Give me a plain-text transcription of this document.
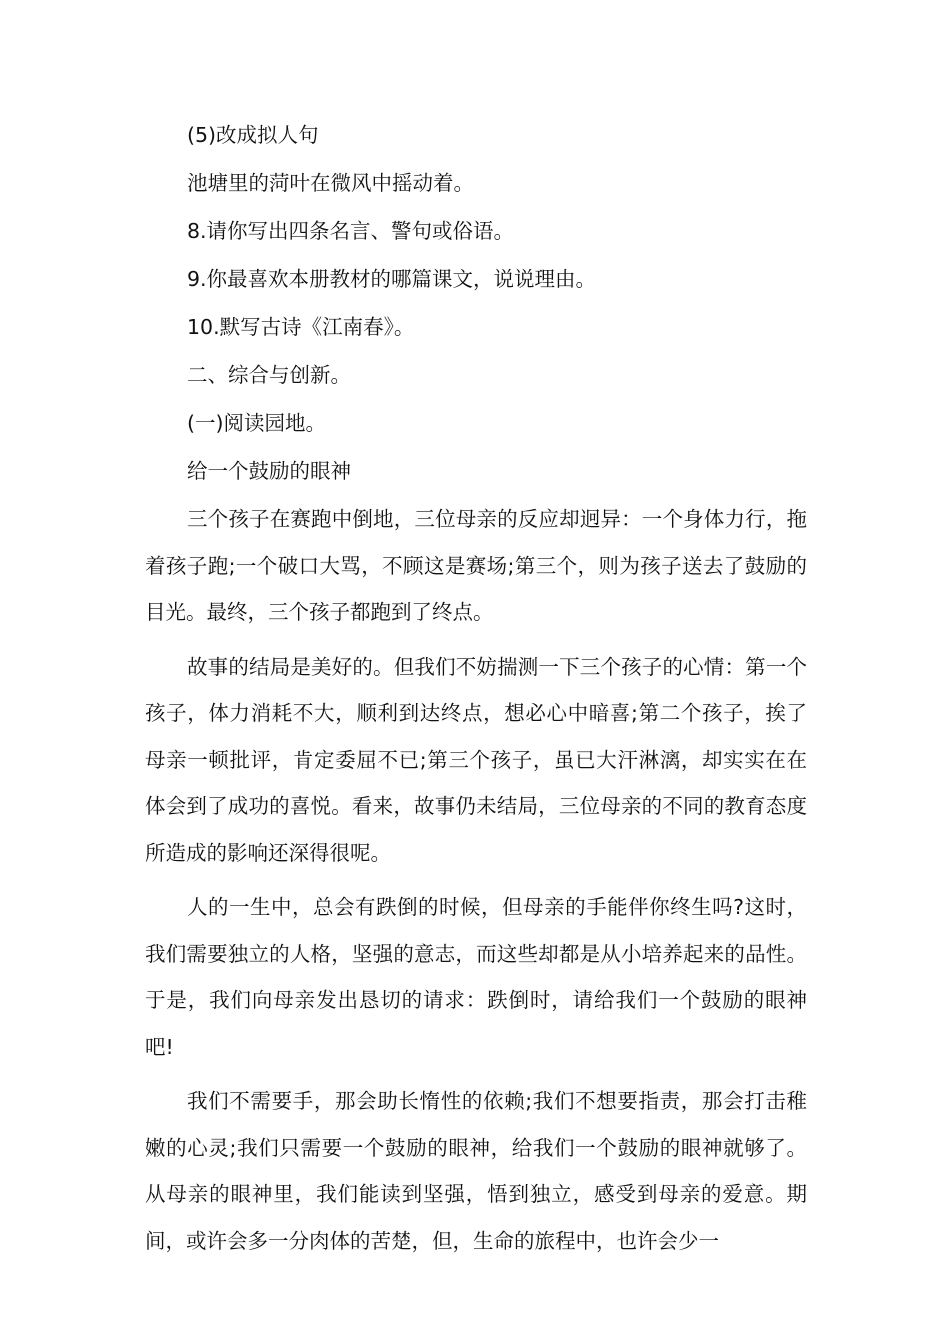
(5)改成拟人句

池塘里的菏叶在微风中摇动着。

8.请你写出四条名言、警句或俗语。

9.你最喜欢本册教材的哪篇课文，说说理由。

10.默写古诗《江南春》。

二、综合与创新。

(一)阅读园地。

给一个鼓励的眼神

三个孩子在赛跑中倒地，三位母亲的反应却迥异：一个身体力行，拖着孩子跑;一个破口大骂，不顾这是赛场;第三个，则为孩子送去了鼓励的目光。最终，三个孩子都跑到了终点。

故事的结局是美好的。但我们不妨揣测一下三个孩子的心情：第一个孩子，体力消耗不大，顺利到达终点，想必心中暗喜;第二个孩子，挨了母亲一顿批评，肯定委屈不已;第三个孩子，虽已大汗淋漓，却实实在在体会到了成功的喜悦。看来，故事仍未结局，三位母亲的不同的教育态度所造成的影响还深得很呢。

人的一生中，总会有跌倒的时候，但母亲的手能伴你终生吗?这时，我们需要独立的人格，坚强的意志，而这些却都是从小培养起来的品性。于是，我们向母亲发出恳切的请求：跌倒时，请给我们一个鼓励的眼神吧!

我们不需要手，那会助长惰性的依赖;我们不想要指责，那会打击稚嫩的心灵;我们只需要一个鼓励的眼神，给我们一个鼓励的眼神就够了。从母亲的眼神里，我们能读到坚强，悟到独立，感受到母亲的爱意。期间，或许会多一分肉体的苦楚，但，生命的旅程中，也许会少一
